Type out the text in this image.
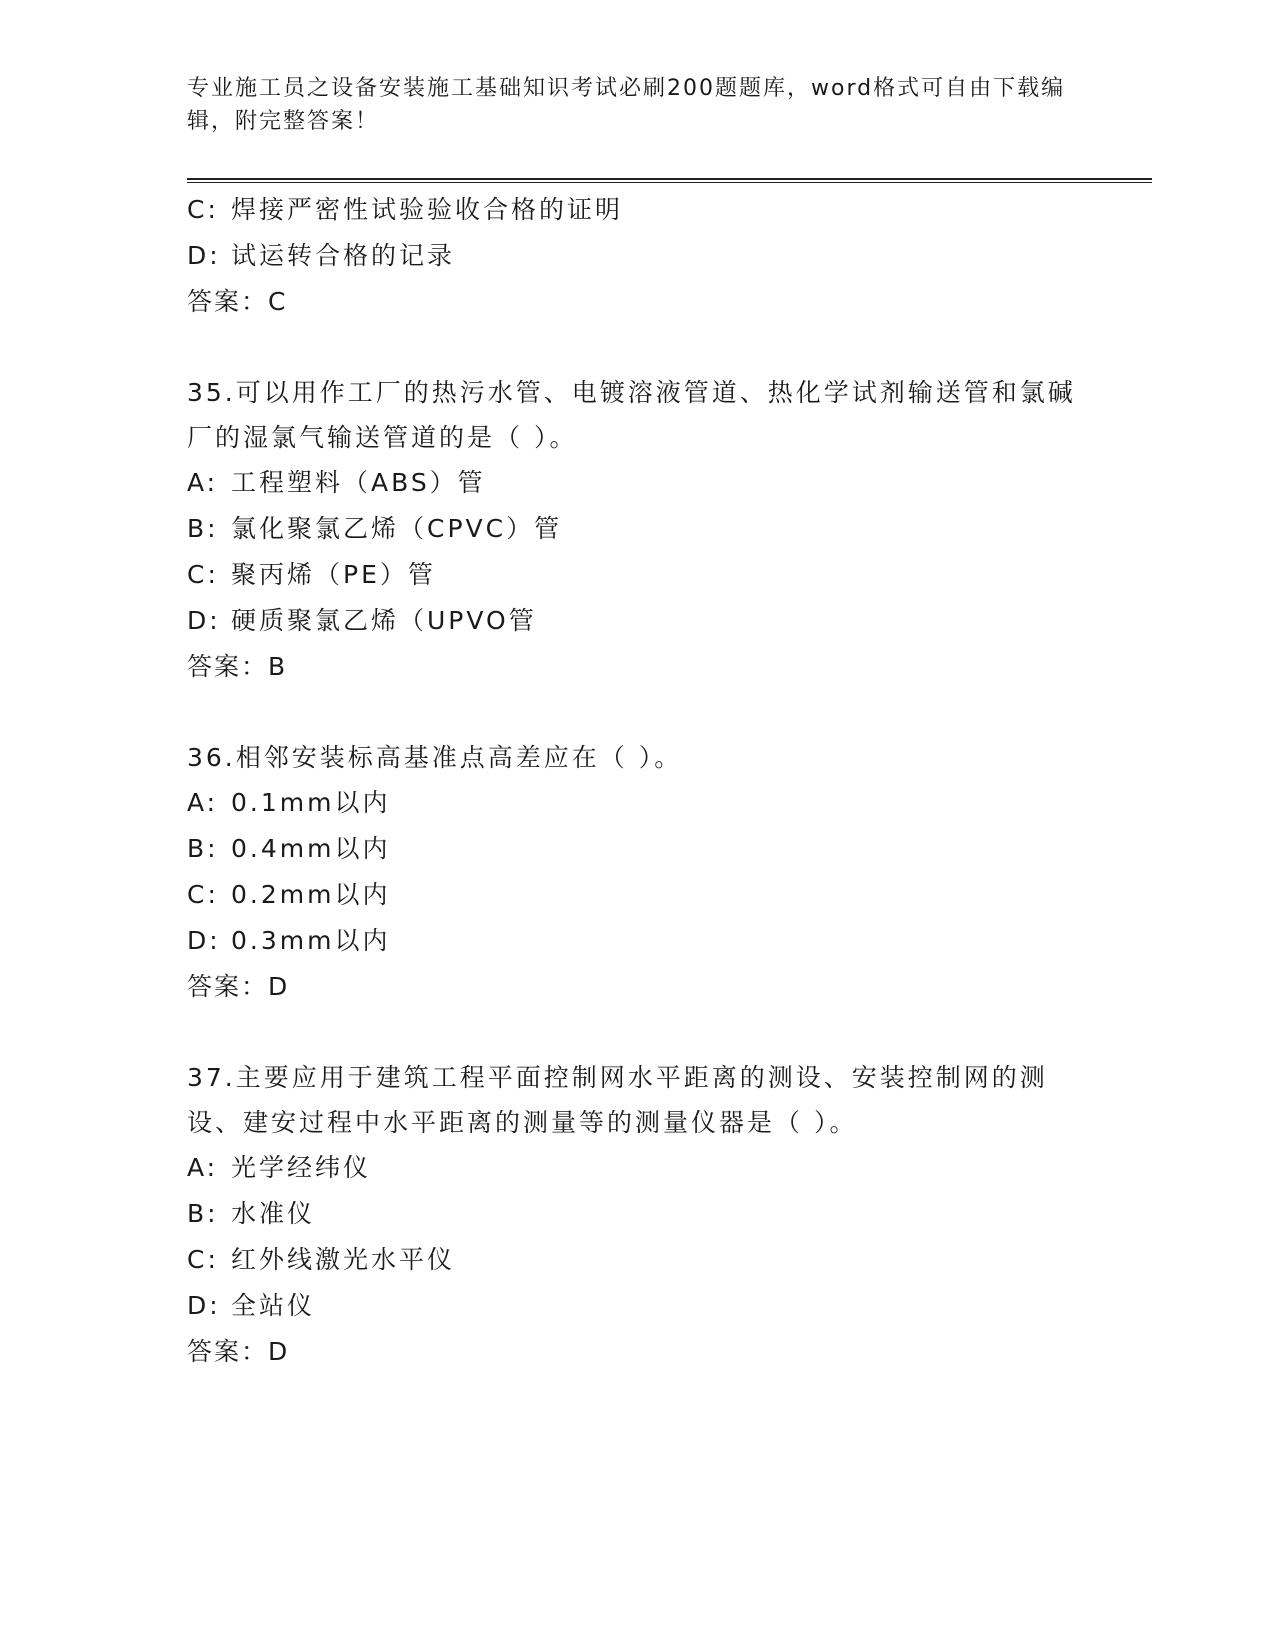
专业施工员之设备安装施工基础知识考试必刷200题题库，word格式可自由下载编辑，附完整答案！
C: 焊接严密性试验验收合格的证明
D: 试运转合格的记录
答案：C
35.可以用作工厂的热污水管、电镀溶液管道、热化学试剂输送管和氯碱厂的湿氯气输送管道的是（ ）。
A: 工程塑料（ABS）管
B: 氯化聚氯乙烯（CPVC）管
C: 聚丙烯（PE）管
D: 硬质聚氯乙烯（UPVO管
答案：B
36.相邻安装标高基准点高差应在（ ）。
A: 0.1mm以内
B: 0.4mm以内
C: 0.2mm以内
D: 0.3mm以内
答案：D
37.主要应用于建筑工程平面控制网水平距离的测设、安装控制网的测设、建安过程中水平距离的测量等的测量仪器是（ ）。
A: 光学经纬仪
B: 水准仪
C: 红外线激光水平仪
D: 全站仪
答案：D
